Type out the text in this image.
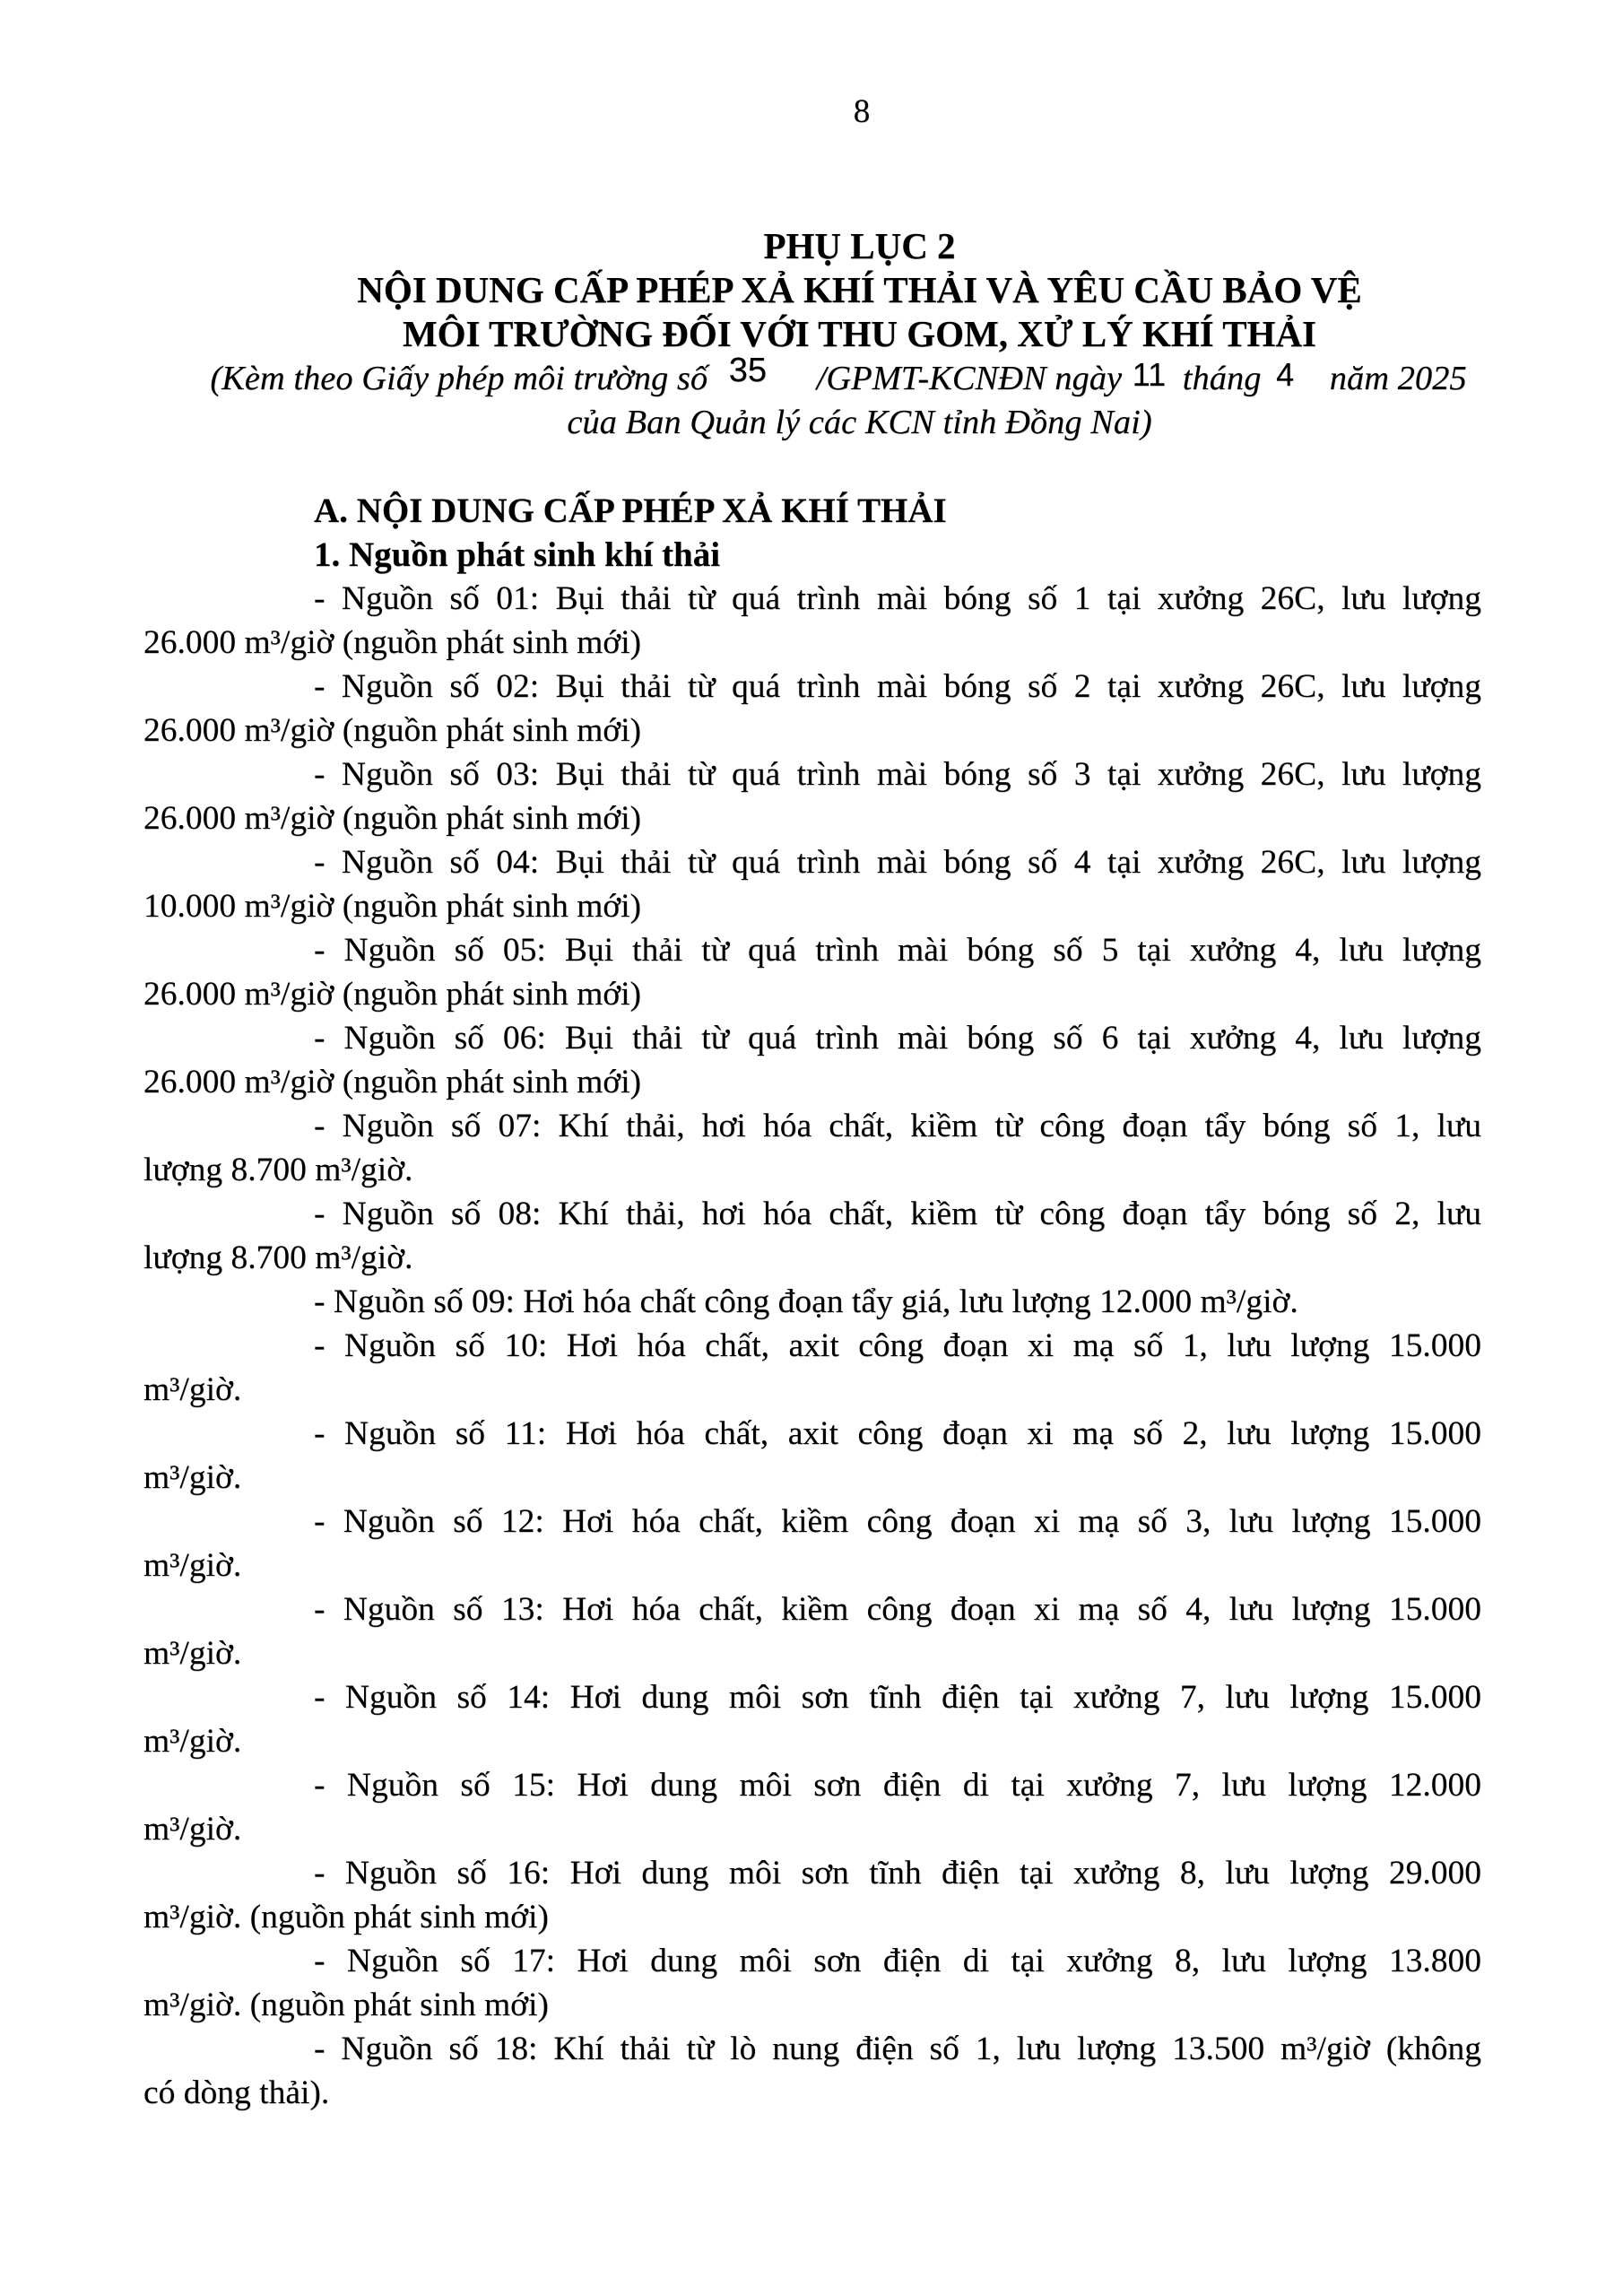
8
PHỤ LỤC 2
NỘI DUNG CẤP PHÉP XẢ KHÍ THẢI VÀ YÊU CẦU BẢO VỆ
MÔI TRƯỜNG ĐỐI VỚI THU GOM, XỬ LÝ KHÍ THẢI
(Kèm theo Giấy phép môi trường số 35 /GPMT-KCNĐN ngày 11 tháng 4 năm 2025
của Ban Quản lý các KCN tỉnh Đồng Nai)
A. NỘI DUNG CẤP PHÉP XẢ KHÍ THẢI
1. Nguồn phát sinh khí thải
- Nguồn số 01: Bụi thải từ quá trình mài bóng số 1 tại xưởng 26C, lưu lượng
26.000 m³/giờ (nguồn phát sinh mới)
- Nguồn số 02: Bụi thải từ quá trình mài bóng số 2 tại xưởng 26C, lưu lượng
26.000 m³/giờ (nguồn phát sinh mới)
- Nguồn số 03: Bụi thải từ quá trình mài bóng số 3 tại xưởng 26C, lưu lượng
26.000 m³/giờ (nguồn phát sinh mới)
- Nguồn số 04: Bụi thải từ quá trình mài bóng số 4 tại xưởng 26C, lưu lượng
10.000 m³/giờ (nguồn phát sinh mới)
- Nguồn số 05: Bụi thải từ quá trình mài bóng số 5 tại xưởng 4, lưu lượng
26.000 m³/giờ (nguồn phát sinh mới)
- Nguồn số 06: Bụi thải từ quá trình mài bóng số 6 tại xưởng 4, lưu lượng
26.000 m³/giờ (nguồn phát sinh mới)
- Nguồn số 07: Khí thải, hơi hóa chất, kiềm từ công đoạn tẩy bóng số 1, lưu
lượng 8.700 m³/giờ.
- Nguồn số 08: Khí thải, hơi hóa chất, kiềm từ công đoạn tẩy bóng số 2, lưu
lượng 8.700 m³/giờ.
- Nguồn số 09: Hơi hóa chất công đoạn tẩy giá, lưu lượng 12.000 m³/giờ.
- Nguồn số 10: Hơi hóa chất, axit công đoạn xi mạ số 1, lưu lượng 15.000
m³/giờ.
- Nguồn số 11: Hơi hóa chất, axit công đoạn xi mạ số 2, lưu lượng 15.000
m³/giờ.
- Nguồn số 12: Hơi hóa chất, kiềm công đoạn xi mạ số 3, lưu lượng 15.000
m³/giờ.
- Nguồn số 13: Hơi hóa chất, kiềm công đoạn xi mạ số 4, lưu lượng 15.000
m³/giờ.
- Nguồn số 14: Hơi dung môi sơn tĩnh điện tại xưởng 7, lưu lượng 15.000
m³/giờ.
- Nguồn số 15: Hơi dung môi sơn điện di tại xưởng 7, lưu lượng 12.000
m³/giờ.
- Nguồn số 16: Hơi dung môi sơn tĩnh điện tại xưởng 8, lưu lượng 29.000
m³/giờ. (nguồn phát sinh mới)
- Nguồn số 17: Hơi dung môi sơn điện di tại xưởng 8, lưu lượng 13.800
m³/giờ. (nguồn phát sinh mới)
- Nguồn số 18: Khí thải từ lò nung điện số 1, lưu lượng 13.500 m³/giờ (không
có dòng thải).
